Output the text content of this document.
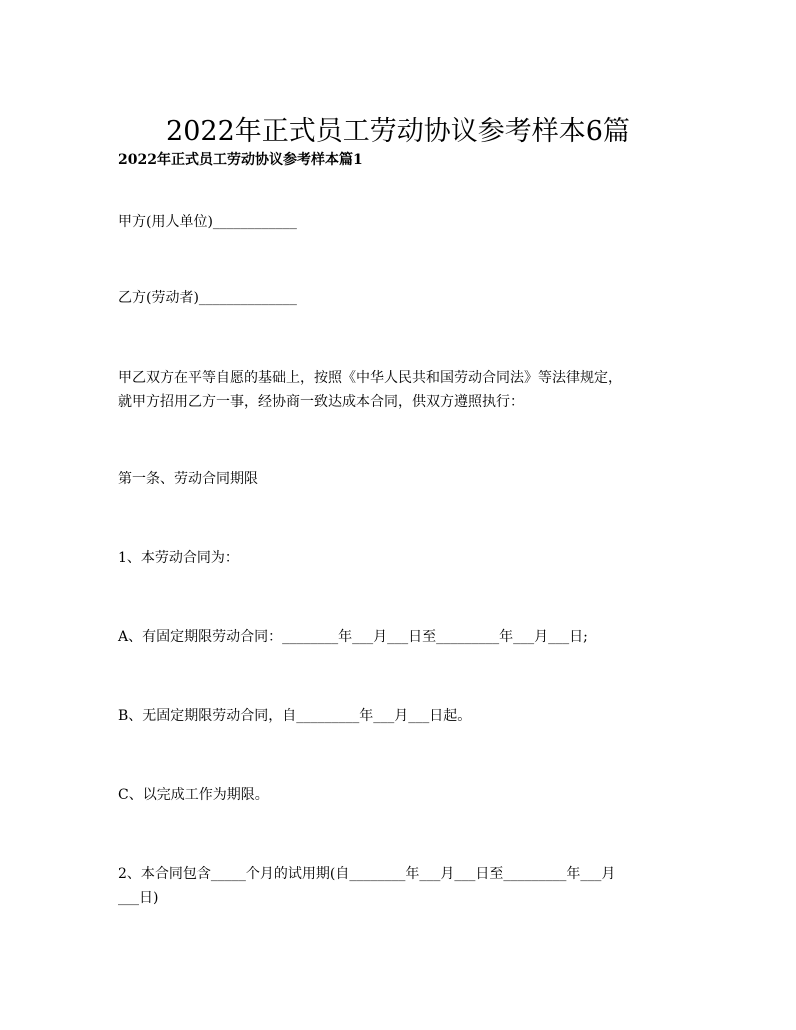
2022年正式员工劳动协议参考样本6篇
2022年正式员工劳动协议参考样本篇1
甲方(用人单位)____________
乙方(劳动者)______________
甲乙双方在平等自愿的基础上，按照《中华人民共和国劳动合同法》等法律规定，
就甲方招用乙方一事，经协商一致达成本合同，供双方遵照执行：
第一条、劳动合同期限
1、本劳动合同为：
A、有固定期限劳动合同：________年___月___日至_________年___月___日;
B、无固定期限劳动合同，自_________年___月___日起。
C、以完成工作为期限。
2、本合同包含_____个月的试用期(自________年___月___日至_________年___月
___日)
